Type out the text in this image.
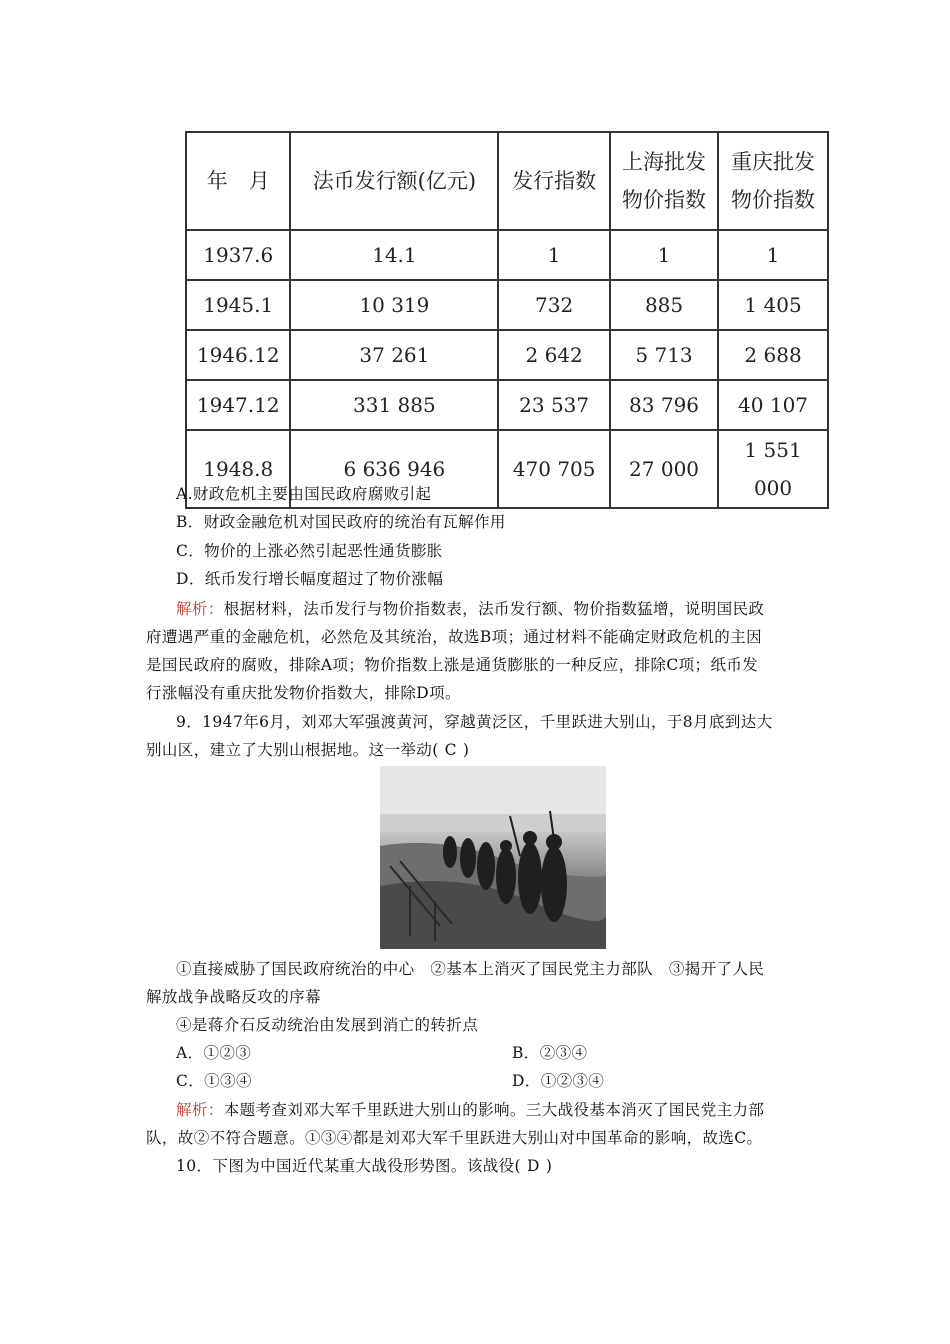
年　月	法币发行额(亿元)	发行指数	上海批发物价指数	重庆批发物价指数
1937.6	14.1	1	1	1
1945.1	10 319	732	885	1 405
1946.12	37 261	2 642	5 713	2 688
1947.12	331 885	23 537	83 796	40 107
1948.8	6 636 946	470 705	27 000	1 551 000
A.财政危机主要由国民政府腐败引起
B．财政金融危机对国民政府的统治有瓦解作用
C．物价的上涨必然引起恶性通货膨胀
D．纸币发行增长幅度超过了物价涨幅
解析：根据材料，法币发行与物价指数表，法币发行额、物价指数猛增，说明国民政
府遭遇严重的金融危机，必然危及其统治，故选B项；通过材料不能确定财政危机的主因
是国民政府的腐败，排除A项；物价指数上涨是通货膨胀的一种反应，排除C项；纸币发
行涨幅没有重庆批发物价指数大，排除D项。
9．1947年6月，刘邓大军强渡黄河，穿越黄泛区，千里跃进大别山，于8月底到达大
别山区，建立了大别山根据地。这一举动( C )
①直接威胁了国民政府统治的中心　②基本上消灭了国民党主力部队　③揭开了人民
解放战争战略反攻的序幕
④是蒋介石反动统治由发展到消亡的转折点
A．①②③	B．②③④
C．①③④	D．①②③④
解析：本题考查刘邓大军千里跃进大别山的影响。三大战役基本消灭了国民党主力部
队，故②不符合题意。①③④都是刘邓大军千里跃进大别山对中国革命的影响，故选C。
10．下图为中国近代某重大战役形势图。该战役( D )
